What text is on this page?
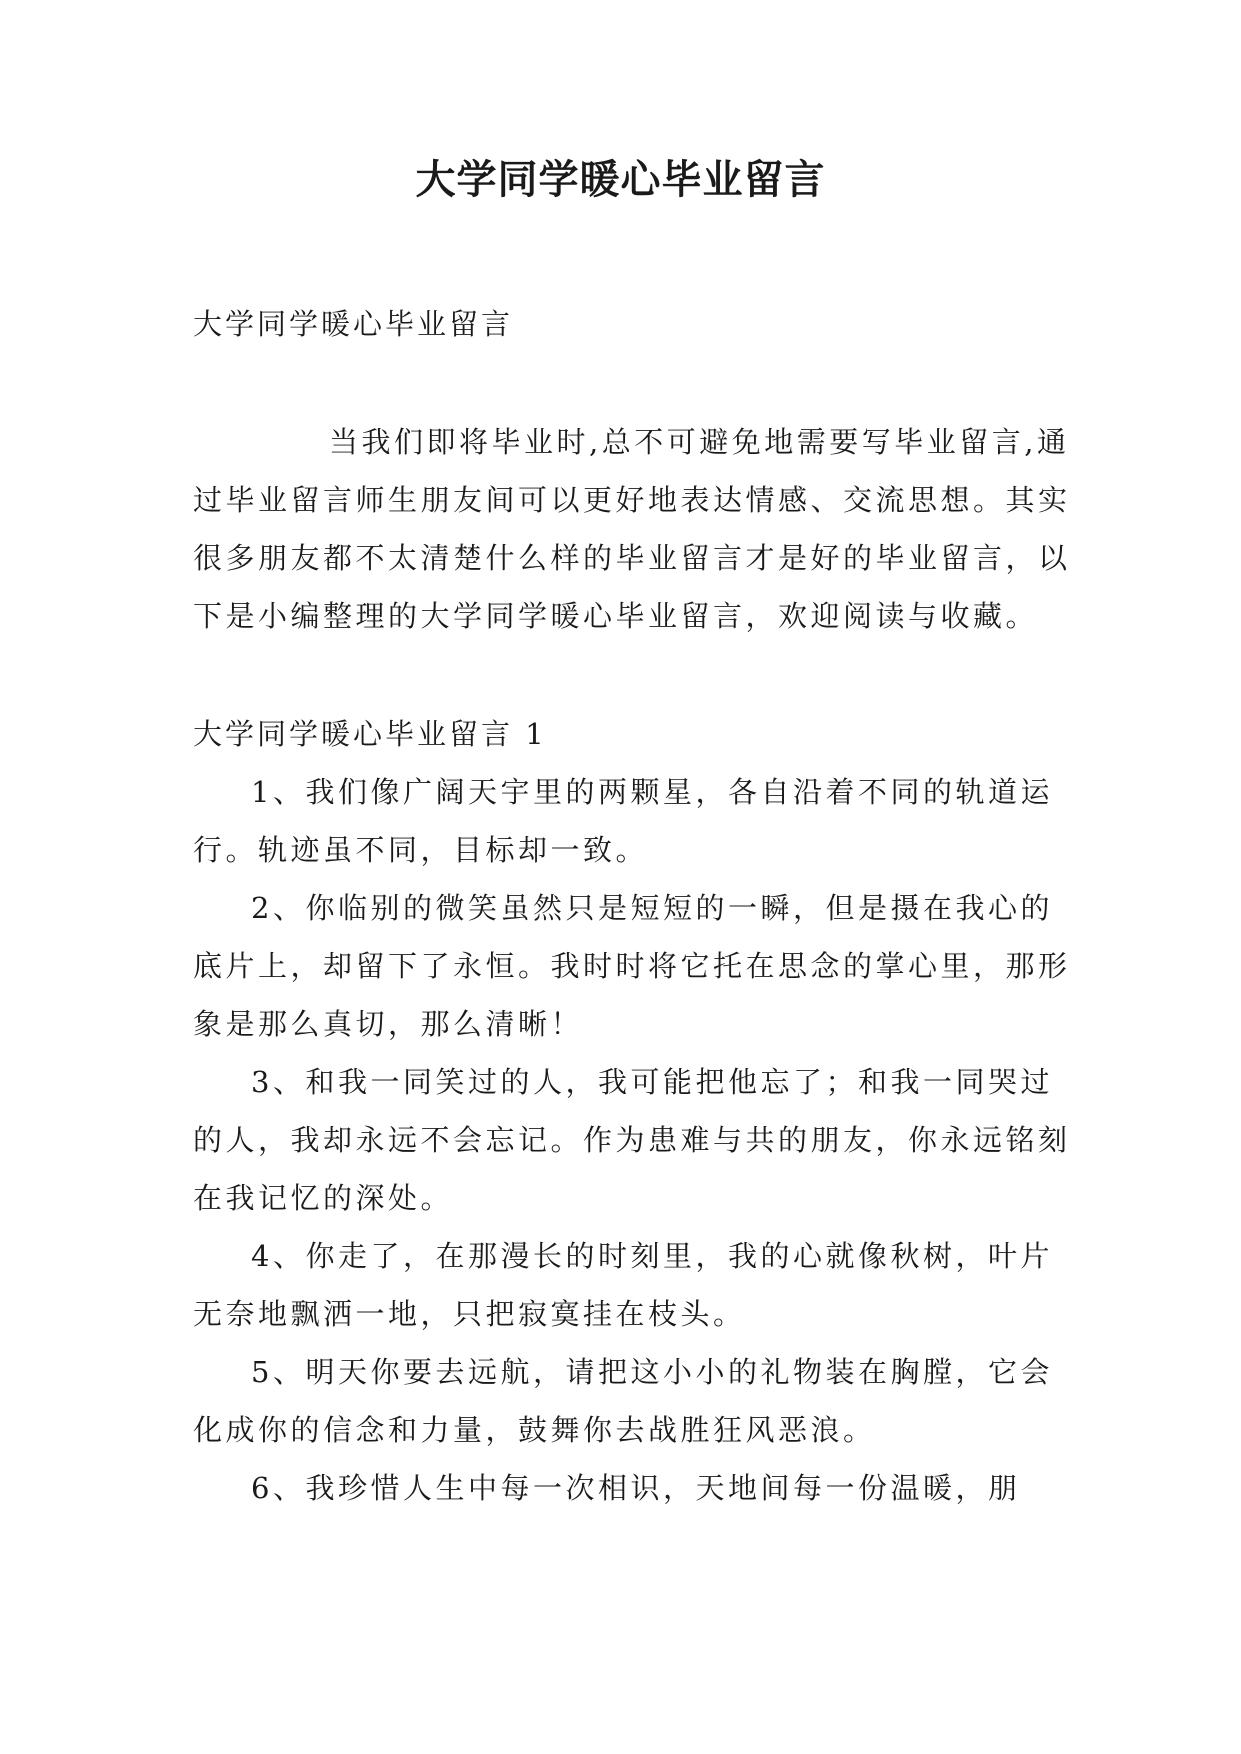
大学同学暖心毕业留言

大学同学暖心毕业留言

当我们即将毕业时,总不可避免地需要写毕业留言,通过毕业留言师生朋友间可以更好地表达情感、交流思想。其实很多朋友都不太清楚什么样的毕业留言才是好的毕业留言，以下是小编整理的大学同学暖心毕业留言，欢迎阅读与收藏。

大学同学暖心毕业留言 1

1、我们像广阔天宇里的两颗星，各自沿着不同的轨道运行。轨迹虽不同，目标却一致。

2、你临别的微笑虽然只是短短的一瞬，但是摄在我心的底片上，却留下了永恒。我时时将它托在思念的掌心里，那形象是那么真切，那么清晰！

3、和我一同笑过的人，我可能把他忘了；和我一同哭过的人，我却永远不会忘记。作为患难与共的朋友，你永远铭刻在我记忆的深处。

4、你走了，在那漫长的时刻里，我的心就像秋树，叶片无奈地飘洒一地，只把寂寞挂在枝头。

5、明天你要去远航，请把这小小的礼物装在胸膛，它会化成你的信念和力量，鼓舞你去战胜狂风恶浪。

6、我珍惜人生中每一次相识，天地间每一份温暖，朋
